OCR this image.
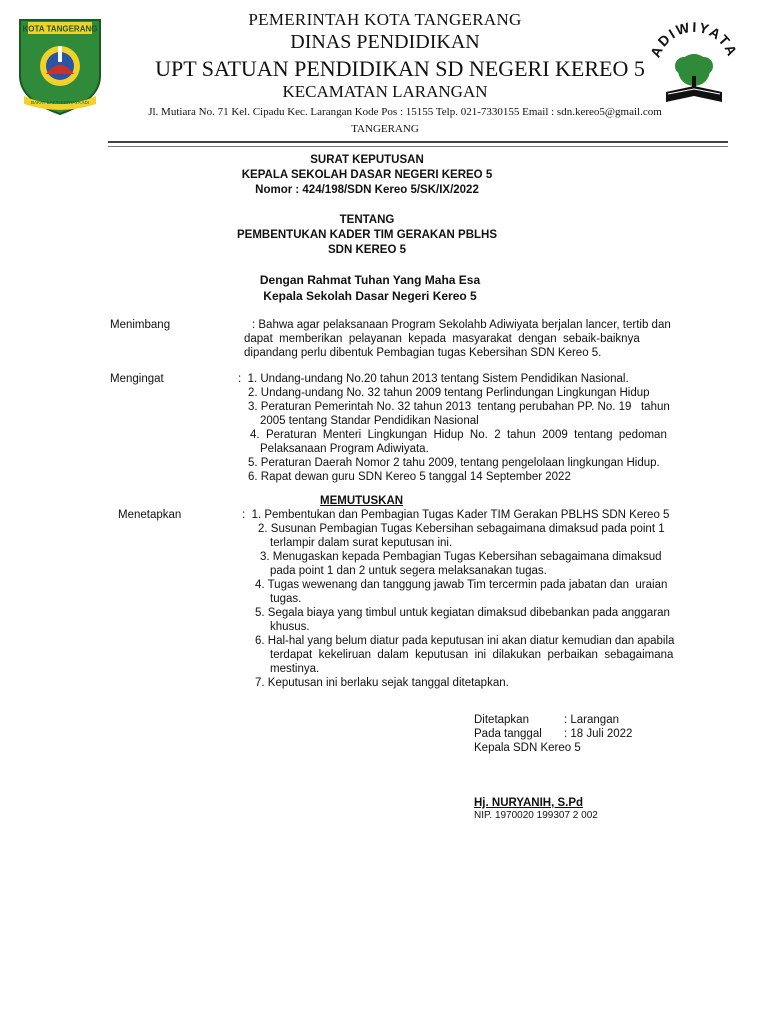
KOTA TANGERANG
BAKAT BAKTI KERTAYA ADI
ADIWIYATA
PEMERINTAH KOTA TANGERANG
DINAS PENDIDIKAN
UPT SATUAN PENDIDIKAN SD NEGERI KEREO 5
KECAMATAN LARANGAN
Jl. Mutiara No. 71 Kel. Cipadu Kec. Larangan Kode Pos : 15155 Telp. 021-7330155 Email : sdn.kereo5@gmail.com
TANGERANG
SURAT KEPUTUSAN
KEPALA SEKOLAH DASAR NEGERI KEREO 5
Nomor : 424/198/SDN Kereo 5/SK/IX/2022
TENTANG
PEMBENTUKAN KADER TIM GERAKAN PBLHS
SDN KEREO 5
Dengan Rahmat Tuhan Yang Maha Esa
Kepala Sekolah Dasar Negeri Kereo 5
Menimbang	: Bahwa agar pelaksanaan Program Sekolahb Adiwiyata berjalan lancer, tertib dan
dapat  memberikan  pelayanan  kepada  masyarakat  dengan  sebaik-baiknya
dipandang perlu dibentuk Pembagian tugas Kebersihan SDN Kereo 5.
Mengingat	:  1. Undang-undang No.20 tahun 2013 tentang Sistem Pendidikan Nasional.
2. Undang-undang No. 32 tahun 2009 tentang Perlindungan Lingkungan Hidup
3. Peraturan Pemerintah No. 32 tahun 2013  tentang perubahan PP. No. 19   tahun
2005 tentang Standar Pendidikan Nasional
4.  Peraturan  Menteri  Lingkungan  Hidup  No.  2  tahun  2009  tentang  pedoman
Pelaksanaan Program Adiwiyata.
5. Peraturan Daerah Nomor 2 tahu 2009, tentang pengelolaan lingkungan Hidup.
6. Rapat dewan guru SDN Kereo 5 tanggal 14 September 2022
MEMUTUSKAN
Menetapkan	:  1. Pembentukan dan Pembagian Tugas Kader TIM Gerakan PBLHS SDN Kereo 5
2. Susunan Pembagian Tugas Kebersihan sebagaimana dimaksud pada point 1
terlampir dalam surat keputusan ini.
3. Menugaskan kepada Pembagian Tugas Kebersihan sebagaimana dimaksud
pada point 1 dan 2 untuk segera melaksanakan tugas.
4. Tugas wewenang dan tanggung jawab Tim tercermin pada jabatan dan  uraian
tugas.
5. Segala biaya yang timbul untuk kegiatan dimaksud dibebankan pada anggaran
khusus.
6. Hal-hal yang belum diatur pada keputusan ini akan diatur kemudian dan apabila
terdapat  kekeliruan  dalam  keputusan  ini  dilakukan  perbaikan  sebagaimana
mestinya.
7. Keputusan ini berlaku sejak tanggal ditetapkan.
Ditetapkan	: Larangan
Pada tanggal : 18 Juli 2022
Kepala SDN Kereo 5
Hj. NURYANIH, S.Pd
NIP. 1970020 199307 2 002
